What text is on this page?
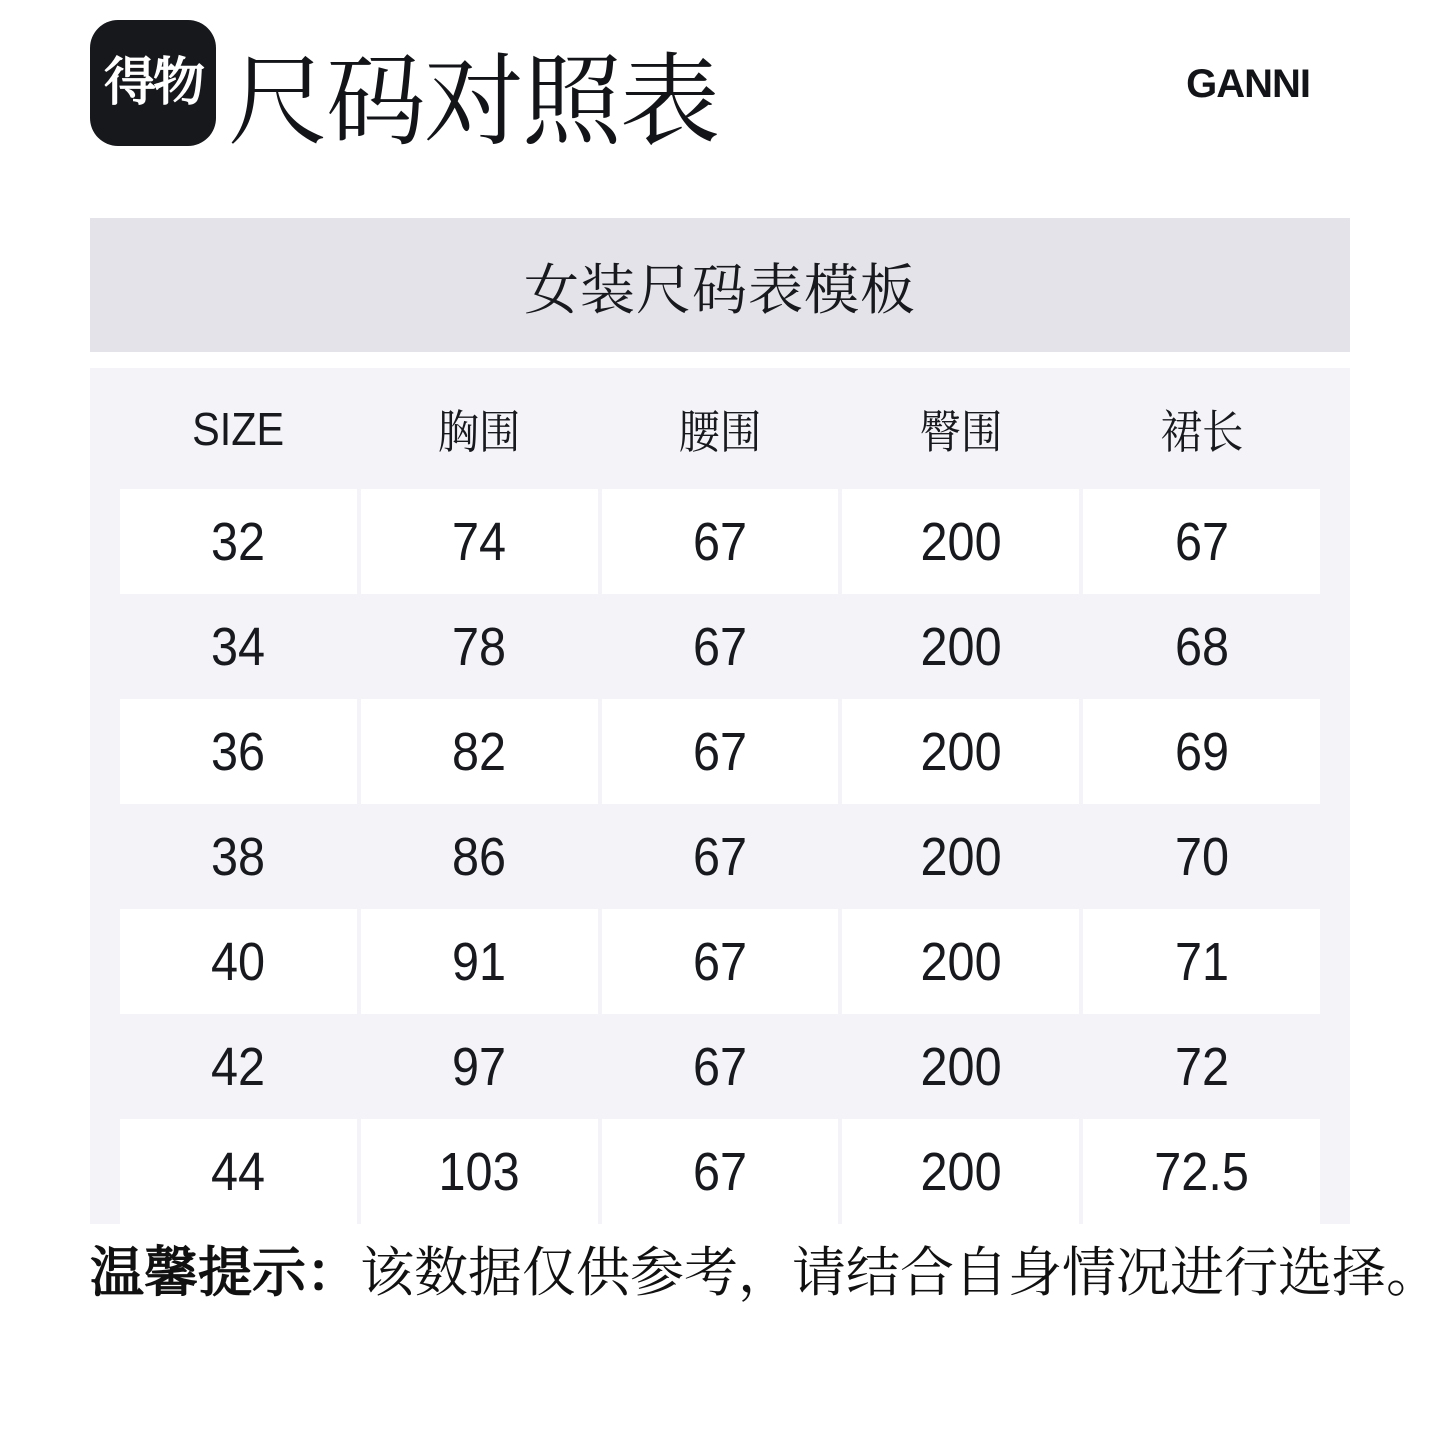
得物 尺码对照表	GANNI
女装尺码表模板
SIZE	胸围	腰围	臀围	裙长
32	74	67	200	67
34	78	67	200	68
36	82	67	200	69
38	86	67	200	70
40	91	67	200	71
42	97	67	200	72
44	103	67	200	72.5

温馨提示：该数据仅供参考，请结合自身情况进行选择。
